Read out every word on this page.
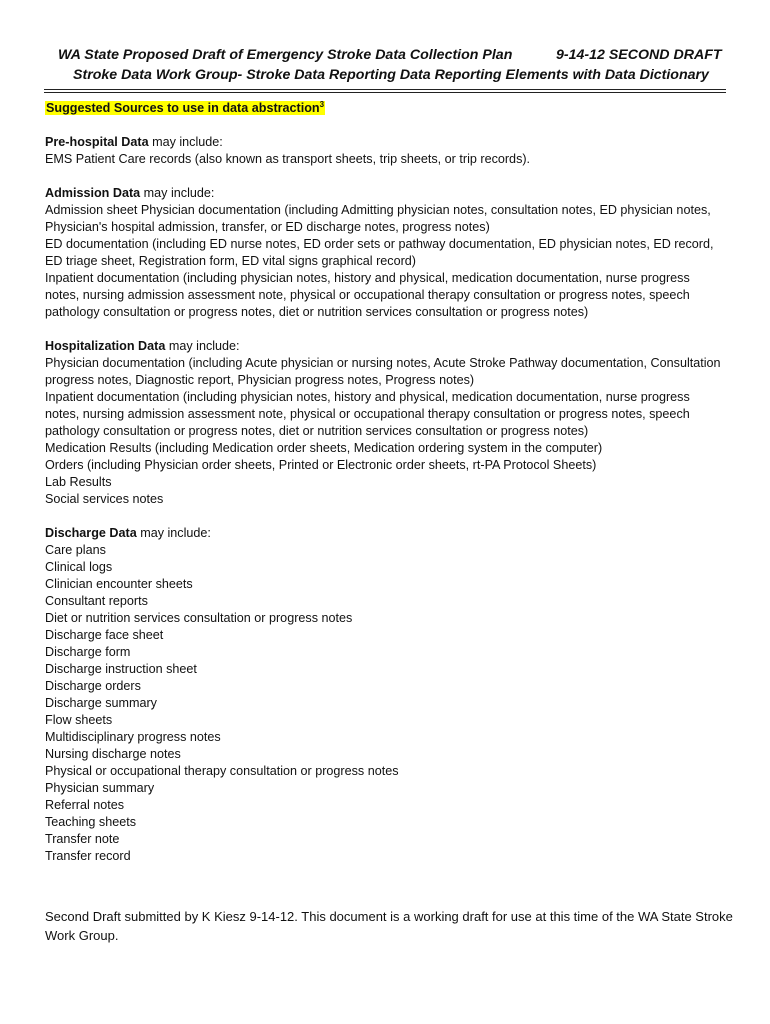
WA State Proposed Draft of Emergency Stroke Data Collection Plan	9-14-12 SECOND DRAFT
Stroke Data Work Group- Stroke Data Reporting Data Reporting Elements with Data Dictionary
Suggested Sources to use in data abstraction$^3$
Pre-hospital Data may include:
EMS Patient Care records (also known as transport sheets, trip sheets, or trip records).
Admission Data may include:
Admission sheet Physician documentation (including Admitting physician notes, consultation notes, ED physician notes,
Physician's hospital admission, transfer, or ED discharge notes, progress notes)
ED documentation (including ED nurse notes, ED order sets or pathway documentation, ED physician notes, ED record,
ED triage sheet, Registration form, ED vital signs graphical record)
Inpatient documentation (including physician notes, history and physical, medication documentation, nurse progress
notes, nursing admission assessment note, physical or occupational therapy consultation or progress notes, speech
pathology consultation or progress notes, diet or nutrition services consultation or progress notes)
Hospitalization Data may include:
Physician documentation (including Acute physician or nursing notes, Acute Stroke Pathway documentation, Consultation
progress notes, Diagnostic report, Physician progress notes, Progress notes)
Inpatient documentation (including physician notes, history and physical, medication documentation, nurse progress
notes, nursing admission assessment note, physical or occupational therapy consultation or progress notes, speech
pathology consultation or progress notes, diet or nutrition services consultation or progress notes)
Medication Results (including Medication order sheets, Medication ordering system in the computer)
Orders (including Physician order sheets, Printed or Electronic order sheets, rt-PA Protocol Sheets)
Lab Results
Social services notes
Discharge Data may include:
Care plans
Clinical logs
Clinician encounter sheets
Consultant reports
Diet or nutrition services consultation or progress notes
Discharge face sheet
Discharge form
Discharge instruction sheet
Discharge orders
Discharge summary
Flow sheets
Multidisciplinary progress notes
Nursing discharge notes
Physical or occupational therapy consultation or progress notes
Physician summary
Referral notes
Teaching sheets
Transfer note
Transfer record
Second Draft submitted by K Kiesz 9-14-12. This document is a working draft for use at this time of the WA State Stroke
Work Group.
